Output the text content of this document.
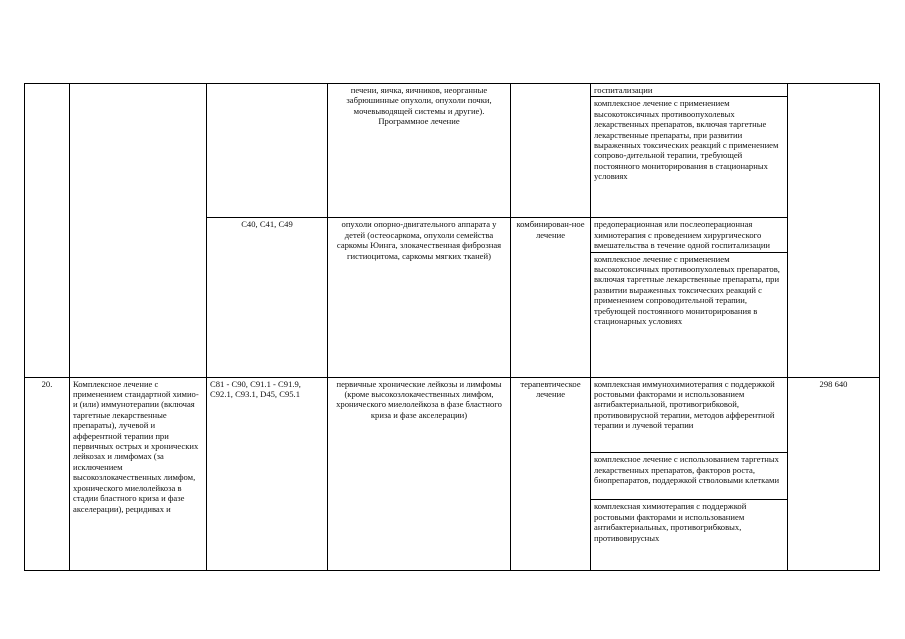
			печени, яичка, яичников, неорганные забрюшинные опухоли, опухоли почки, мочевыводящей системы и другие). Программное лечение		госпитализации	

					комплексное лечение с применением высокотоксичных противоопухолевых лекарственных препаратов, включая таргетные лекарственные препараты, при развитии выраженных токсических реакций с применением сопрово-дительной терапии, требующей постоянного мониторирования в стационарных условиях	

		C40, C41, C49	опухоли опорно-двигательного аппарата у детей (остеосаркома, опухоли семейства саркомы Юинга, злокачественная фиброзная гистиоцитома, саркомы мягких тканей)	комбинирован-ное лечение	предоперационная или послеоперационная химиотерапия с проведением хирургического вмешательства в течение одной госпитализации	

					комплексное лечение с применением высокотоксичных противоопухолевых препаратов, включая таргетные лекарственные препараты, при развитии выраженных токсических реакций с применением сопроводительной терапии, требующей постоянного мониторирования в стационарных условиях	

20.	Комплексное лечение с применением стандартной химио- и (или) иммунотерапии (включая таргетные лекарственные препараты), лучевой и афферентной терапии при первичных острых и хронических лейкозах и лимфомах (за исключением высокозлокачественных лимфом, хронического миелолейкоза в стадии бластного криза и фазе акселерации), рецидивах и	C81 - C90, C91.1 - C91.9, C92.1, C93.1, D45, C95.1	первичные хронические лейкозы и лимфомы (кроме высокозлокачественных лимфом, хронического миелолейкоза в фазе бластного криза и фазе акселерации)	терапевтическое лечение	комплексная иммунохимиотерапия с поддержкой ростовыми факторами и использованием антибактериальной, противогрибковой, противовирусной терапии, методов афферентной терапии и лучевой терапии	298 640

					комплексное лечение с использованием таргетных лекарственных препаратов, факторов роста, биопрепаратов, поддержкой стволовыми клетками	

					комплексная химиотерапия с поддержкой ростовыми факторами и использованием антибактериальных, противогрибковых, противовирусных	
